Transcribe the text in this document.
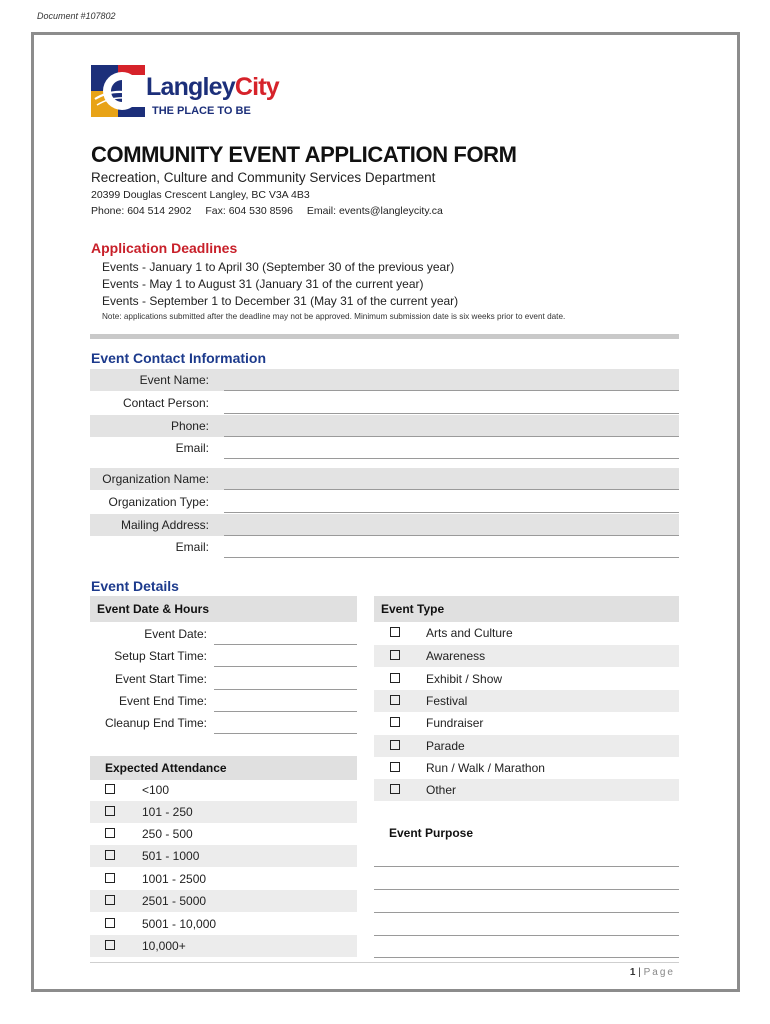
Document #107802
LangleyCity
THE PLACE TO BE
COMMUNITY EVENT APPLICATION FORM
Recreation, Culture and Community Services Department
20399 Douglas Crescent Langley, BC V3A 4B3
Phone: 604 514 2902 Fax: 604 530 8596 Email: events@langleycity.ca
Application Deadlines
Events - January 1 to April 30 (September 30 of the previous year)
Events - May 1 to August 31 (January 31 of the current year)
Events - September 1 to December 31 (May 31 of the current year)
Note: applications submitted after the deadline may not be approved. Minimum submission date is six weeks prior to event date.
Event Contact Information
Event Name:
Contact Person:
Phone:
Email:
Organization Name:
Organization Type:
Mailing Address:
Email:
Event Details
Event Date & Hours	Event Type
Event Date:
Setup Start Time:
Event Start Time:
Event End Time:
Cleanup End Time:
Arts and Culture
Awareness
Exhibit / Show
Festival
Fundraiser
Parade
Run / Walk / Marathon
Other
Expected Attendance
<100
101 - 250
250 - 500
501 - 1000
1001 - 2500
2501 - 5000
5001 - 10,000
10,000+
Event Purpose
1 | Page
